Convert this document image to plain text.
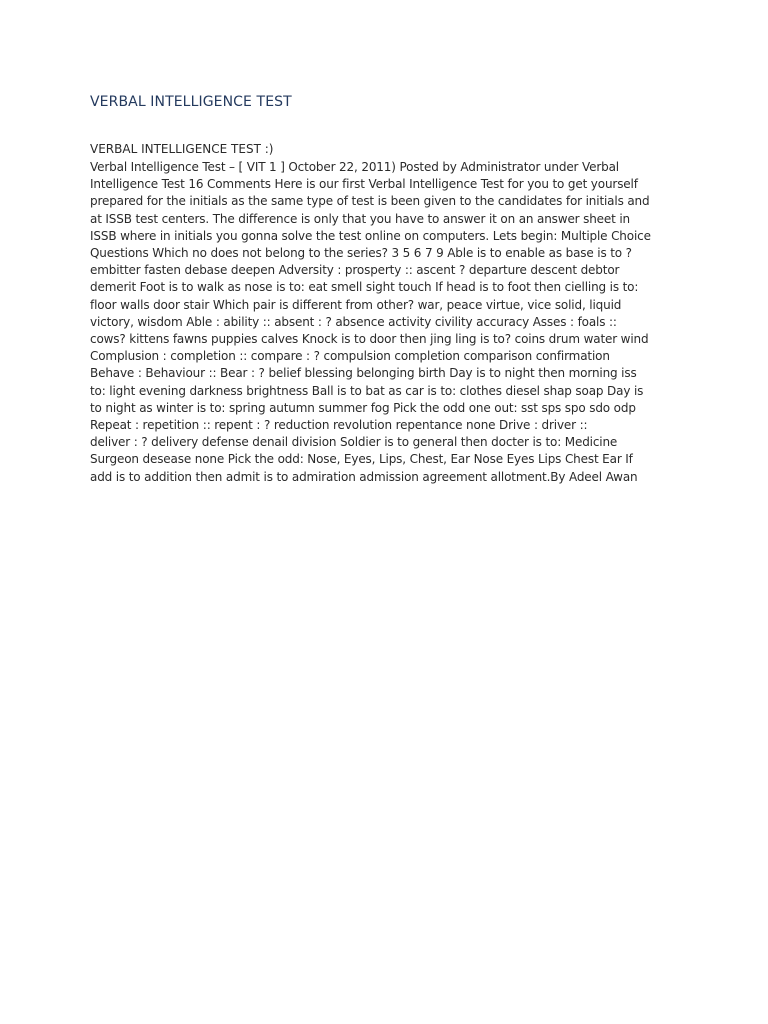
VERBAL INTELLIGENCE TEST

VERBAL INTELLIGENCE TEST :)

Verbal Intelligence Test – [ VIT 1 ] October 22, 2011) Posted by Administrator under Verbal
Intelligence Test 16 Comments Here is our first Verbal Intelligence Test for you to get yourself
prepared for the initials as the same type of test is been given to the candidates for initials and
at ISSB test centers. The difference is only that you have to answer it on an answer sheet in
ISSB where in initials you gonna solve the test online on computers. Lets begin: Multiple Choice
Questions Which no does not belong to the series? 3 5 6 7 9 Able is to enable as base is to ?
embitter fasten debase deepen Adversity : prosperty :: ascent ? departure descent debtor
demerit Foot is to walk as nose is to: eat smell sight touch If head is to foot then cielling is to:
floor walls door stair Which pair is different from other? war, peace virtue, vice solid, liquid
victory, wisdom Able : ability :: absent : ? absence activity civility accuracy Asses : foals ::
cows? kittens fawns puppies calves Knock is to door then jing ling is to? coins drum water wind
Complusion : completion :: compare : ? compulsion completion comparison confirmation
Behave : Behaviour :: Bear : ? belief blessing belonging birth Day is to night then morning iss
to: light evening darkness brightness Ball is to bat as car is to: clothes diesel shap soap Day is
to night as winter is to: spring autumn summer fog Pick the odd one out: sst sps spo sdo odp
Repeat : repetition :: repent : ? reduction revolution repentance none Drive : driver ::
deliver : ? delivery defense denail division Soldier is to general then docter is to: Medicine
Surgeon desease none Pick the odd: Nose, Eyes, Lips, Chest, Ear Nose Eyes Lips Chest Ear If
add is to addition then admit is to admiration admission agreement allotment.By Adeel Awan
